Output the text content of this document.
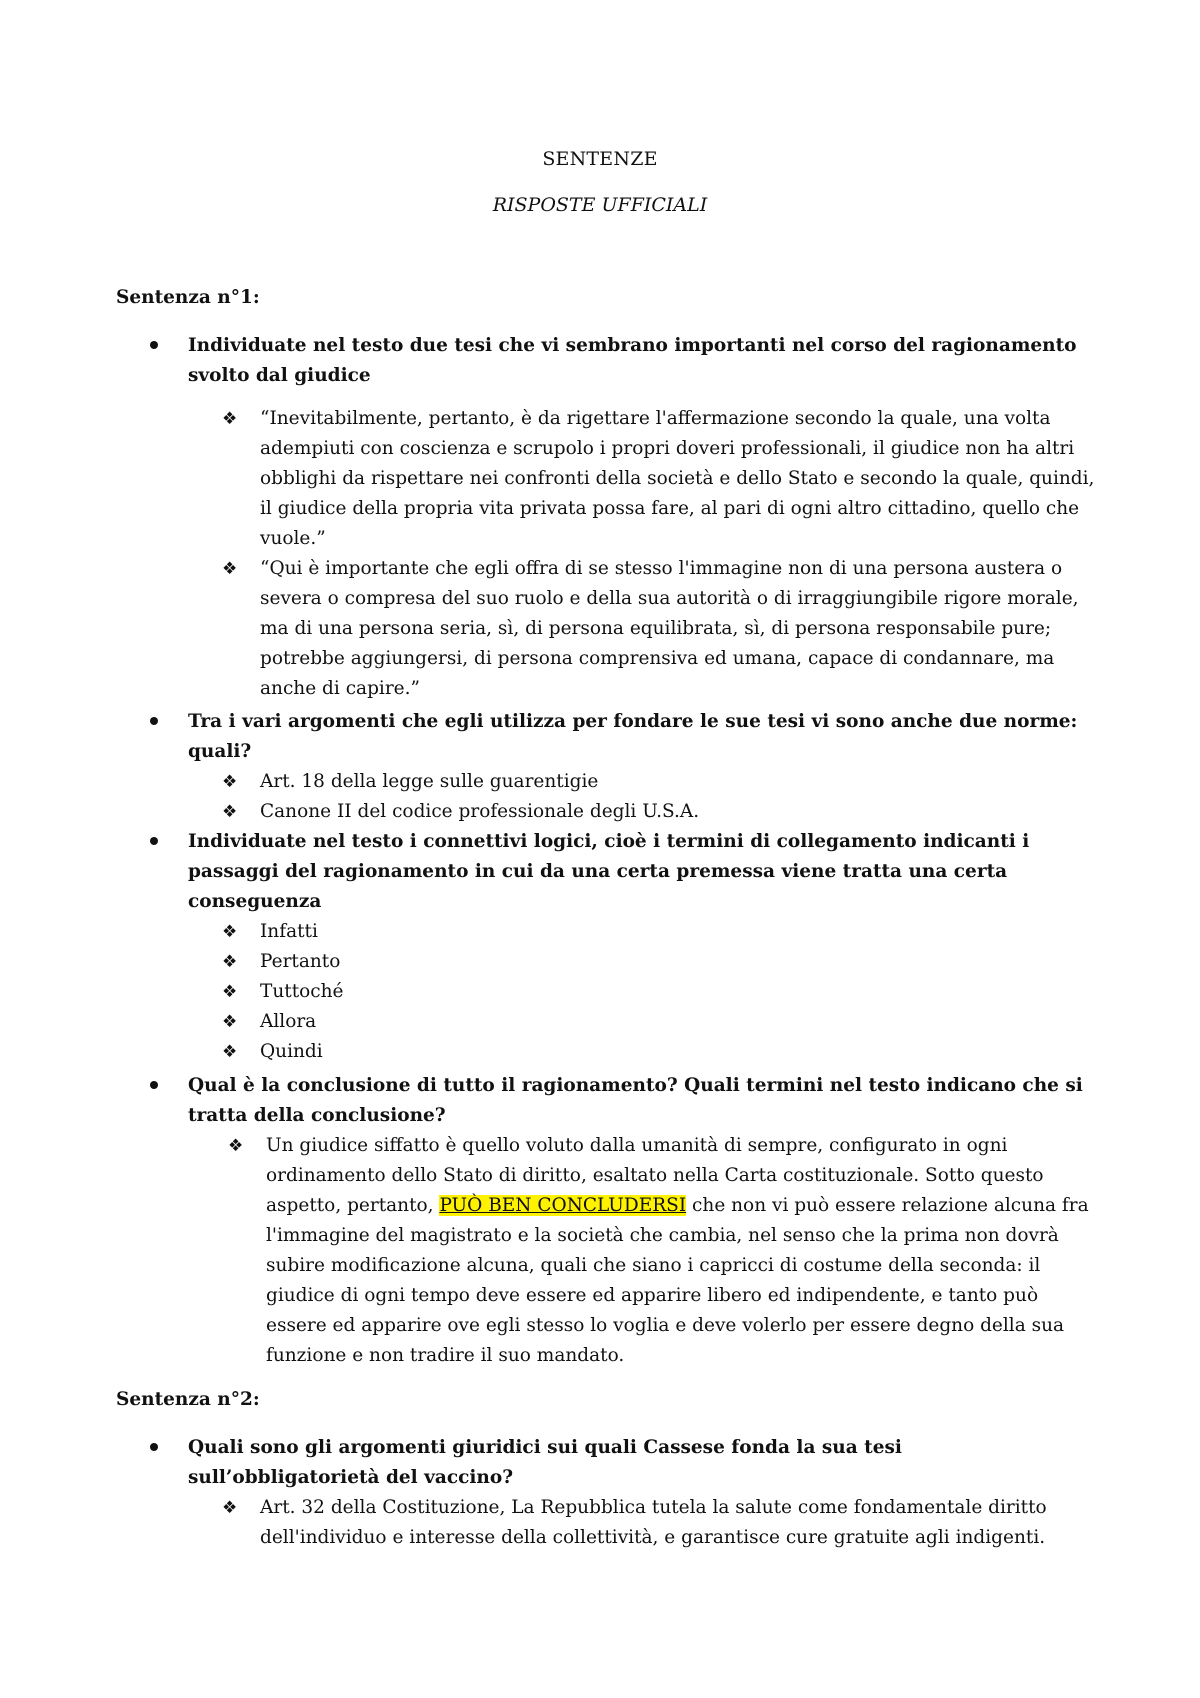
SENTENZE
RISPOSTE UFFICIALI
Sentenza n°1:
Individuate nel testo due tesi che vi sembrano importanti nel corso del ragionamento svolto dal giudice
❖ “Inevitabilmente, pertanto, è da rigettare l'affermazione secondo la quale, una volta adempiuti con coscienza e scrupolo i propri doveri professionali, il giudice non ha altri obblighi da rispettare nei confronti della società e dello Stato e secondo la quale, quindi, il giudice della propria vita privata possa fare, al pari di ogni altro cittadino, quello che vuole.”
❖ “Qui è importante che egli offra di se stesso l'immagine non di una persona austera o severa o compresa del suo ruolo e della sua autorità o di irraggiungibile rigore morale, ma di una persona seria, sì, di persona equilibrata, sì, di persona responsabile pure; potrebbe aggiungersi, di persona comprensiva ed umana, capace di condannare, ma anche di capire.”
Tra i vari argomenti che egli utilizza per fondare le sue tesi vi sono anche due norme: quali?
❖ Art. 18 della legge sulle guarentigie
❖ Canone II del codice professionale degli U.S.A.
Individuate nel testo i connettivi logici, cioè i termini di collegamento indicanti i passaggi del ragionamento in cui da una certa premessa viene tratta una certa conseguenza
❖ Infatti
❖ Pertanto
❖ Tuttoché
❖ Allora
❖ Quindi
Qual è la conclusione di tutto il ragionamento? Quali termini nel testo indicano che si tratta della conclusione?
❖ Un giudice siffatto è quello voluto dalla umanità di sempre, configurato in ogni ordinamento dello Stato di diritto, esaltato nella Carta costituzionale. Sotto questo aspetto, pertanto, PUÒ BEN CONCLUDERSI che non vi può essere relazione alcuna fra l'immagine del magistrato e la società che cambia, nel senso che la prima non dovrà subire modificazione alcuna, quali che siano i capricci di costume della seconda: il giudice di ogni tempo deve essere ed apparire libero ed indipendente, e tanto può essere ed apparire ove egli stesso lo voglia e deve volerlo per essere degno della sua funzione e non tradire il suo mandato.
Sentenza n°2:
Quali sono gli argomenti giuridici sui quali Cassese fonda la sua tesi sull’obbligatorietà del vaccino?
❖ Art. 32 della Costituzione, La Repubblica tutela la salute come fondamentale diritto dell'individuo e interesse della collettività, e garantisce cure gratuite agli indigenti.
